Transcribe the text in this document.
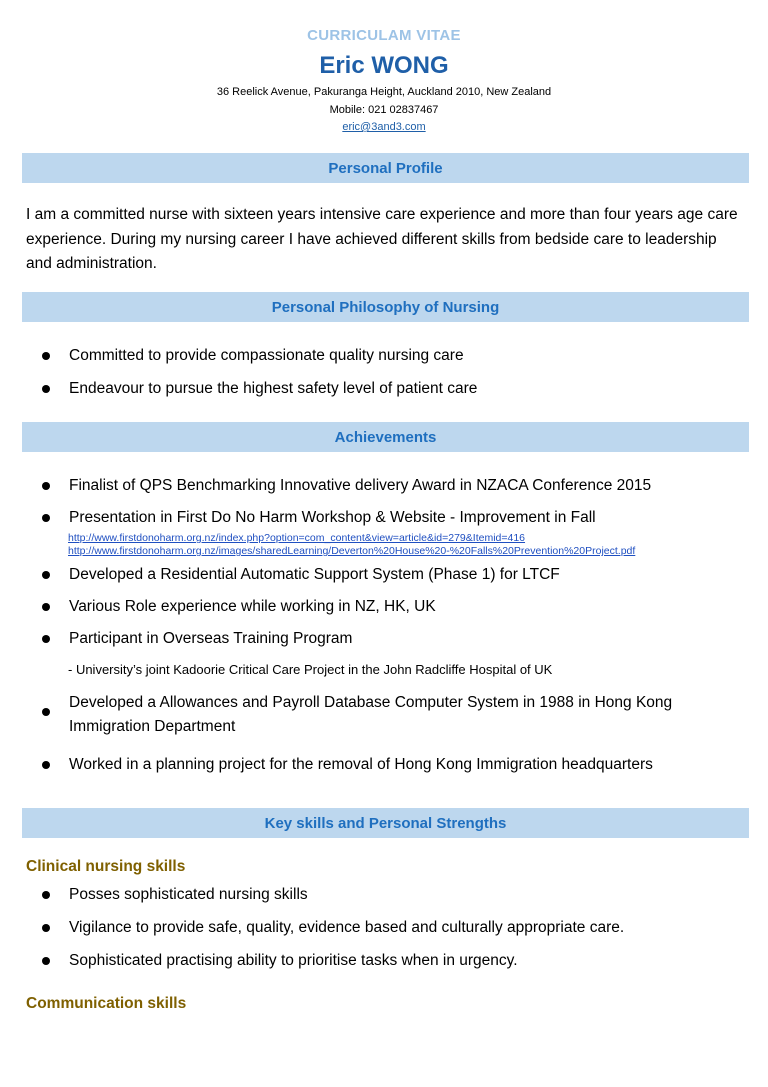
CURRICULAM VITAE
Eric WONG
36 Reelick Avenue, Pakuranga Height, Auckland 2010, New Zealand
Mobile: 021 02837467
eric@3and3.com
Personal Profile
I am a committed nurse with sixteen years intensive care experience and more than four years age care experience. During my nursing career I have achieved different skills from bedside care to leadership and administration.
Personal Philosophy of Nursing
Committed to provide compassionate quality nursing care
Endeavour to pursue the highest safety level of patient care
Achievements
Finalist of QPS Benchmarking Innovative delivery Award in NZACA Conference 2015
Presentation in First Do No Harm Workshop & Website - Improvement in Fall
http://www.firstdonoharm.org.nz/index.php?option=com_content&view=article&id=279&Itemid=416
http://www.firstdonoharm.org.nz/images/sharedLearning/Deverton%20House%20-%20Falls%20Prevention%20Project.pdf
Developed a Residential Automatic Support System (Phase 1) for LTCF
Various Role experience while working in NZ, HK, UK
Participant in Overseas Training Program
- University’s joint Kadoorie Critical Care Project in the John Radcliffe Hospital of UK
Developed a Allowances and Payroll Database Computer System in 1988 in Hong Kong Immigration Department
Worked in a planning project for the removal of Hong Kong Immigration headquarters
Key skills and Personal Strengths
Clinical nursing skills
Posses sophisticated nursing skills
Vigilance to provide safe, quality, evidence based and culturally appropriate care.
Sophisticated practising ability to prioritise tasks when in urgency.
Communication skills
